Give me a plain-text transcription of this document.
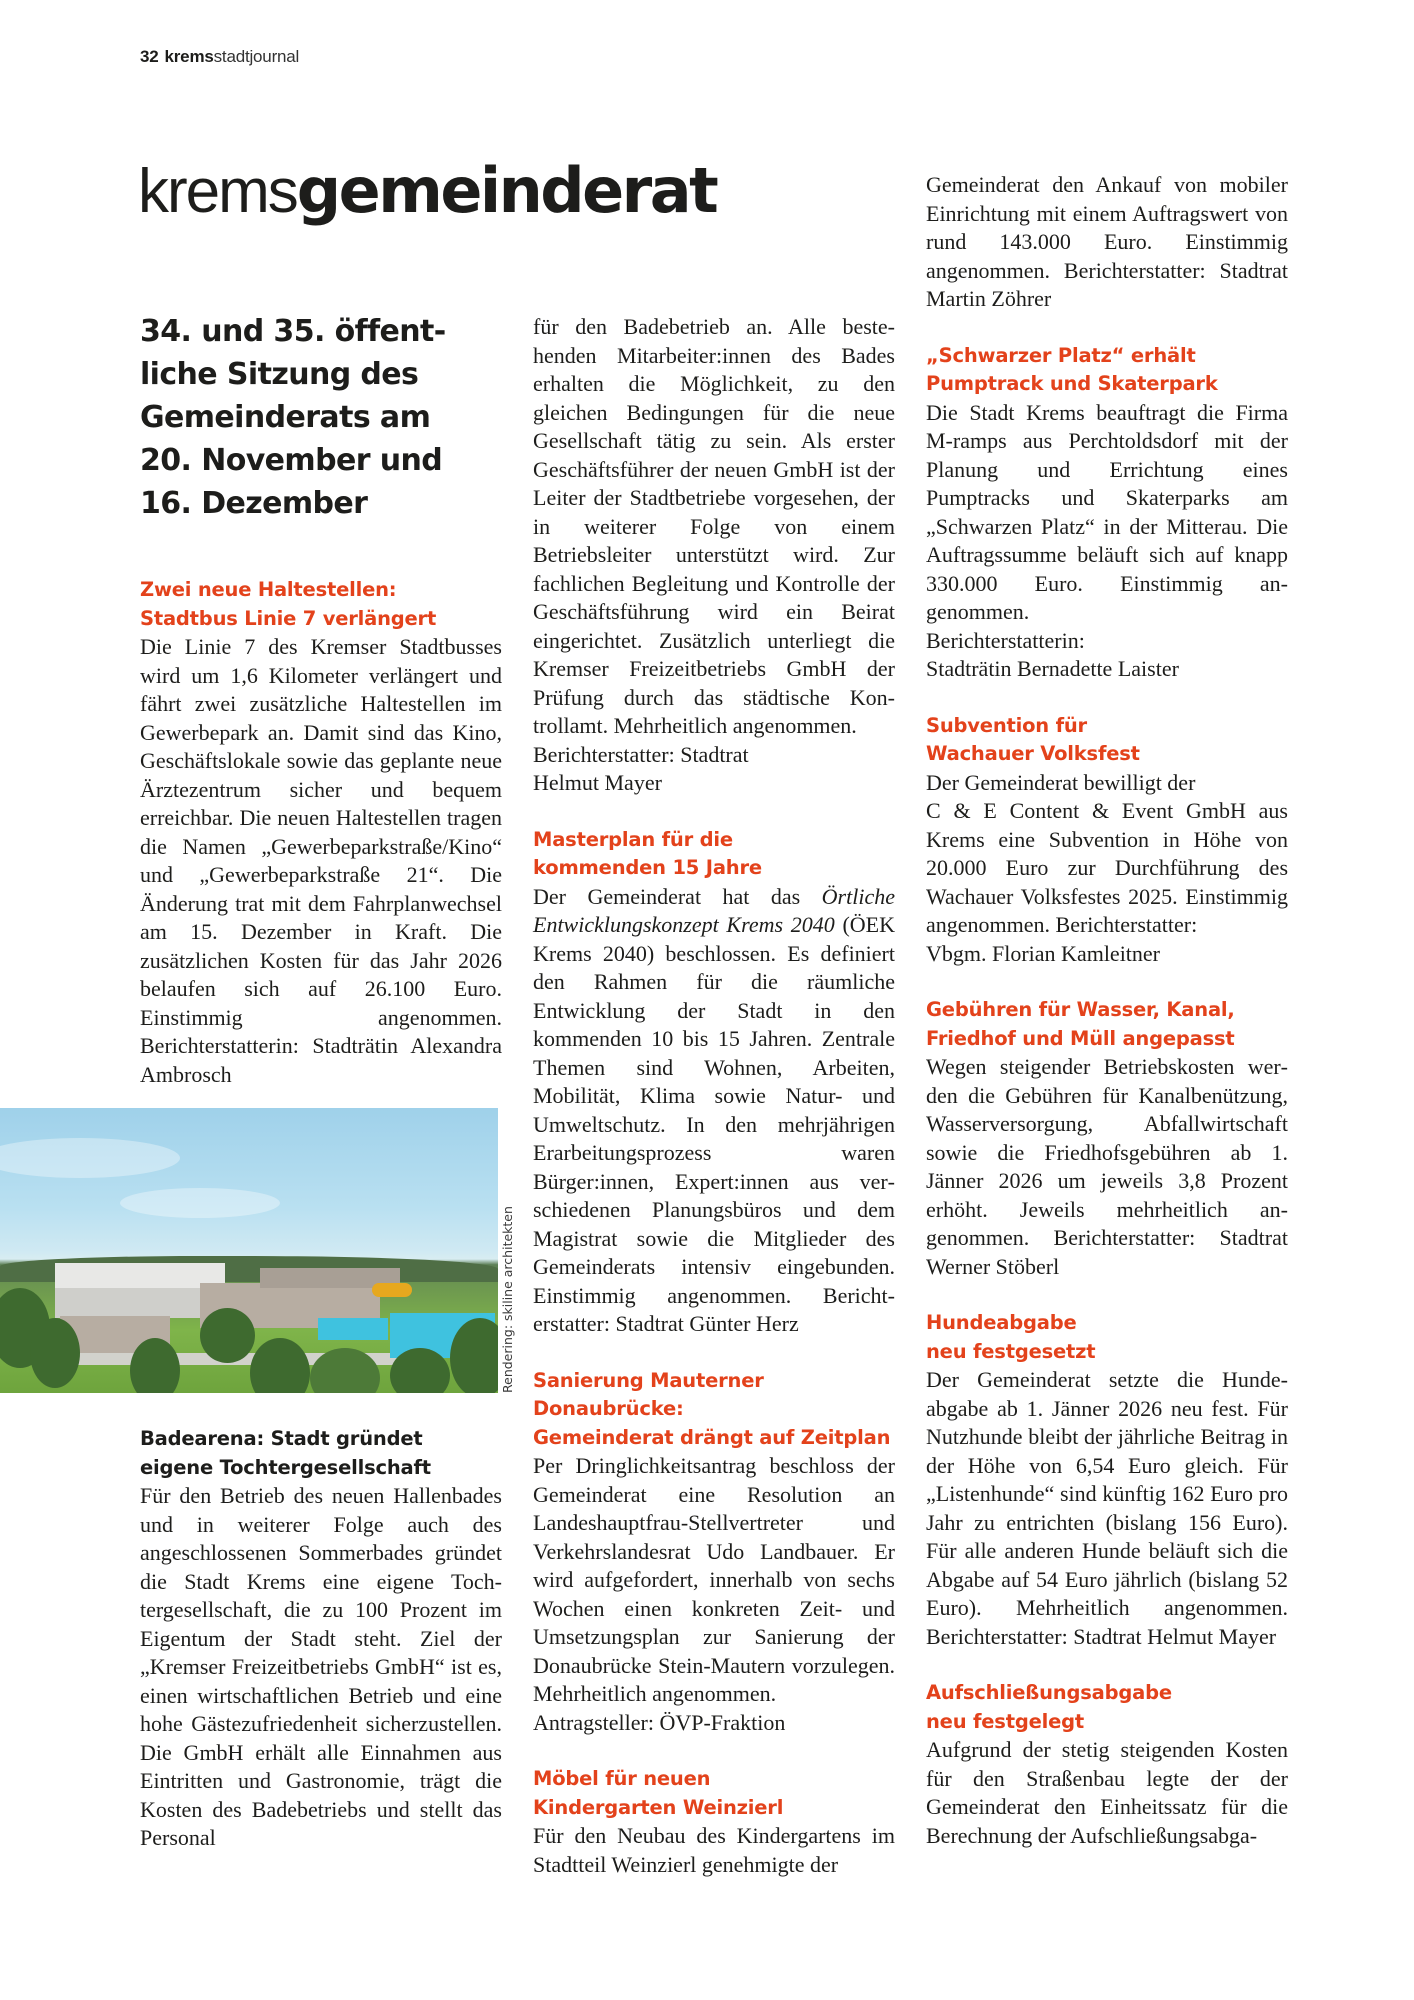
32 kremsstadtjournal
kremsgemeinderat
34. und 35. öffent-
liche Sitzung des
Gemeinderats am
20. November und
16. Dezember
Zwei neue Haltestellen:
Stadtbus Linie 7 verlängert

Die Linie 7 des Kremser Stadtbusses wird um 1,6 Kilometer verlängert und fährt zwei zusätzliche Haltestellen im Gewerbepark an. Damit sind das Kino, Geschäftslokale sowie das geplante neue Ärztezentrum sicher und bequem erreichbar. Die neuen Haltestellen tragen die Namen „Gewerbeparkstraße/Kino“ und „Gewerbeparkstraße 21“. Die Änderung trat mit dem Fahrplanwechsel am 15. Dezember in Kraft. Die zusätzlichen Kosten für das Jahr 2026 belaufen sich auf 26.100 Euro. Einstimmig angenommen. Berichterstatterin: Stadträtin Alexandra Ambrosch

Rendering: skiline architekten
Badearena: Stadt gründet
eigene Tochtergesellschaft

Für den Betrieb des neuen Hallenbades und in weiterer Folge auch des angeschlossenen Sommerbades gründet die Stadt Krems eine eigene Tochtergesellschaft, die zu 100 Prozent im Eigentum der Stadt steht. Ziel der „Kremser Freizeitbetriebs GmbH“ ist es, einen wirtschaftlichen Betrieb und eine hohe Gästezufriedenheit sicherzustellen. Die GmbH erhält alle Einnahmen aus Eintritten und Gastronomie, trägt die Kosten des Badebetriebs und stellt das Personal

für den Badebetrieb an. Alle bestehenden Mitarbeiter:innen des Bades erhalten die Möglichkeit, zu den gleichen Bedingungen für die neue Gesellschaft tätig zu sein. Als erster Geschäftsführer der neuen GmbH ist der Leiter der Stadtbetriebe vorgesehen, der in weiterer Folge von einem Betriebsleiter unterstützt wird. Zur fachlichen Begleitung und Kontrolle der Geschäftsführung wird ein Beirat eingerichtet. Zusätzlich unterliegt die Kremser Freizeitbetriebs GmbH der Prüfung durch das städtische Kontrollamt. Mehrheitlich angenommen.

Berichterstatter: Stadtrat
Helmut Mayer

Masterplan für die
kommenden 15 Jahre

Der Gemeinderat hat das Örtliche Entwicklungskonzept Krems 2040 (ÖEK Krems 2040) beschlossen. Es definiert den Rahmen für die räumliche Entwicklung der Stadt in den kommenden 10 bis 15 Jahren. Zentrale Themen sind Wohnen, Arbeiten, Mobilität, Klima sowie Natur- und Umweltschutz. In den mehrjährigen Erarbeitungsprozess waren Bürger:innen, Expert:innen aus verschiedenen Planungsbüros und dem Magistrat sowie die Mitglieder des Gemeinderats intensiv eingebunden. Einstimmig angenommen. Berichterstatter: Stadtrat Günter Herz

Sanierung Mauterner Donaubrücke:
Gemeinderat drängt auf Zeitplan

Per Dringlichkeitsantrag beschloss der Gemeinderat eine Resolution an Landeshauptfrau-Stellvertreter und Verkehrslandesrat Udo Landbauer. Er wird aufgefordert, innerhalb von sechs Wochen einen konkreten Zeit- und Umsetzungsplan zur Sanierung der Donaubrücke Stein-Mautern vorzulegen. Mehrheitlich angenommen.

Antragsteller: ÖVP-Fraktion

Möbel für neuen
Kindergarten Weinzierl

Für den Neubau des Kindergartens im Stadtteil Weinzierl genehmigte der

Gemeinderat den Ankauf von mobiler Einrichtung mit einem Auftragswert von rund 143.000 Euro. Einstimmig angenommen. Berichterstatter: Stadtrat Martin Zöhrer

„Schwarzer Platz“ erhält
Pumptrack und Skaterpark

Die Stadt Krems beauftragt die Firma M-ramps aus Perchtoldsdorf mit der Planung und Errichtung eines Pumptracks und Skaterparks am „Schwarzen Platz“ in der Mitterau. Die Auftragssumme beläuft sich auf knapp 330.000 Euro. Einstimmig angenommen.

Berichterstatterin:
Stadträtin Bernadette Laister

Subvention für
Wachauer Volksfest

Der Gemeinderat bewilligt der

C & E Content & Event GmbH aus Krems eine Subvention in Höhe von 20.000 Euro zur Durchführung des Wachauer Volksfestes 2025. Einstimmig angenommen. Berichterstatter:

Vbgm. Florian Kamleitner

Gebühren für Wasser, Kanal,
Friedhof und Müll angepasst

Wegen steigender Betriebskosten werden die Gebühren für Kanalbenützung, Wasserversorgung, Abfallwirtschaft sowie die Friedhofsgebühren ab 1. Jänner 2026 um jeweils 3,8 Prozent erhöht. Jeweils mehrheitlich angenommen. Berichterstatter: Stadtrat Werner Stöberl

Hundeabgabe
neu festgesetzt

Der Gemeinderat setzte die Hundeabgabe ab 1. Jänner 2026 neu fest. Für Nutzhunde bleibt der jährliche Beitrag in der Höhe von 6,54 Euro gleich. Für „Listenhunde“ sind künftig 162 Euro pro Jahr zu entrichten (bislang 156 Euro). Für alle anderen Hunde beläuft sich die Abgabe auf 54 Euro jährlich (bislang 52 Euro). Mehrheitlich angenommen. Berichterstatter: Stadtrat Helmut Mayer

Aufschließungsabgabe
neu festgelegt

Aufgrund der stetig steigenden Kosten für den Straßenbau legte der der Gemeinderat den Einheitssatz für die Berechnung der Aufschließungsabga-
